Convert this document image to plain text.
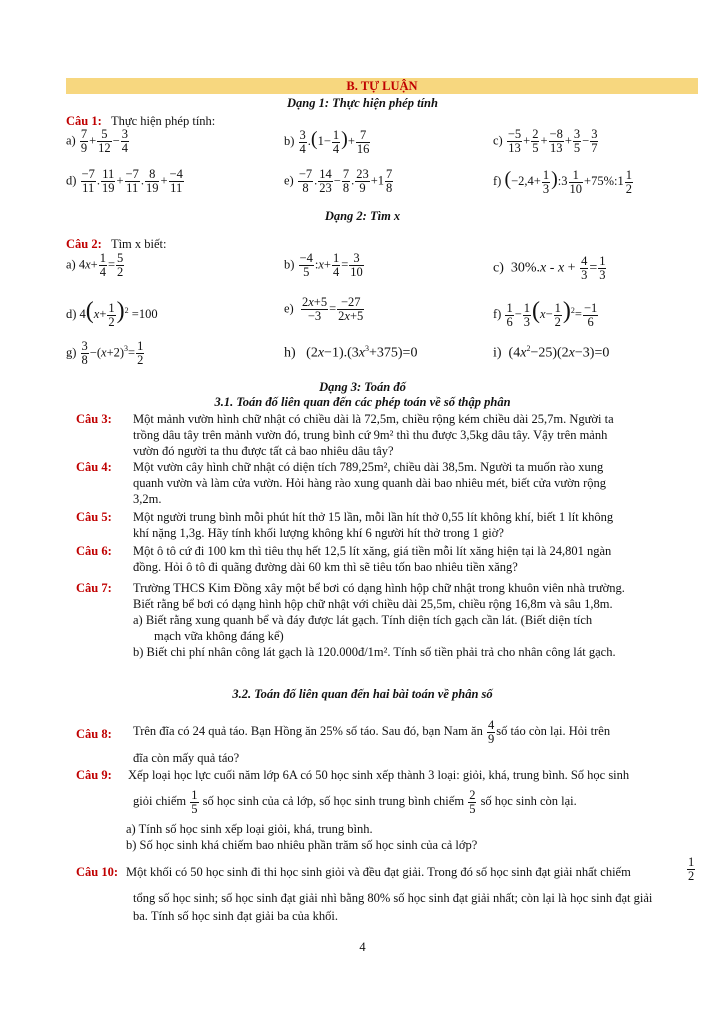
B. TỰ LUẬN
Dạng 1: Thực hiện phép tính
Câu 1: Thực hiện phép tính:
$a) \frac{7}{9} + \frac{5}{12} - \frac{3}{4}$	$b) \frac{3}{4} .(1- \frac{1}{4}$ )+ $\frac{7}{16}$	$c) \frac{-5}{13} + \frac{2}{5} + \frac{-8}{13} + \frac{3}{5} - \frac{3}{7}$
$d) \frac{-7}{11}$ . $\frac{11}{19} + \frac{-7}{11}$ . $\frac{8}{19} + \frac{-4}{11}$	$e) \frac{-7}{8}$ . $\frac{14}{23} - \frac{7}{8}$ . $\frac{23}{9} +1 \frac{7}{8}$	f) ($-2,4+ \frac{1}{3}$ ):3 $\frac{1}{10}$ +75%:1 $\frac{1}{2}$
Dạng 2: Tìm x
Câu 2: Tìm x biết:
a) $4x+ \frac{1}{4} = \frac{5}{2}$	$b) \frac{-4}{5}$ :x+ $\frac{1}{4} = \frac{3}{10}$	c)  $30\%.x - x + \frac{4}{3} = \frac{1}{3}$
d) $4(x+ \frac{1}{2} )^2 =100$	$e) \frac{2x+5}{-3} = \frac{-27}{2x+5}$	$f) \frac{1}{6} - \frac{1}{3} (x- \frac{1}{2} )^2= \frac{-1}{6}$
$g) \frac{3}{8} -(x+2)^3= \frac{1}{2}$	h)   $(2x-1).(3x^3+375)=0$	i)  $(4x^2-25)(2x-3)=0$
Dạng 3: Toán đố
3.1. Toán đố liên quan đến các phép toán về số thập phân
Câu 3: Một mảnh vườn hình chữ nhật có chiều dài là 72,5m, chiều rộng kém chiều dài 25,7m. Người ta
trồng dâu tây trên mảnh vườn đó, trung bình cứ 9m² thì thu được 3,5kg dâu tây. Vậy trên mảnh
vườn đó người ta thu được tất cả bao nhiêu dâu tây?
Câu 4: Một vườn cây hình chữ nhật có diện tích 789,25m², chiều dài 38,5m. Người ta muốn rào xung
quanh vườn và làm cửa vườn. Hỏi hàng rào xung quanh dài bao nhiêu mét, biết cửa vườn rộng
3,2m.
Câu 5: Một người trung bình mỗi phút hít thở 15 lần, mỗi lần hít thở 0,55 lít không khí, biết 1 lít không
khí nặng 1,3g. Hãy tính khối lượng không khí 6 người hít thở trong 1 giờ?
Câu 6: Một ô tô cứ đi 100 km thì tiêu thụ hết 12,5 lít xăng, giá tiền mỗi lít xăng hiện tại là 24,801 ngàn
đồng. Hỏi ô tô đi quãng đường dài 60 km thì sẽ tiêu tốn bao nhiêu tiền xăng?
Câu 7: Trường THCS Kim Đồng xây một bể bơi có dạng hình hộp chữ nhật trong khuôn viên nhà trường.
Biết rằng bể bơi có dạng hình hộp chữ nhật với chiều dài 25,5m, chiều rộng 16,8m và sâu 1,8m.
a) Biết rằng xung quanh bể và đáy được lát gạch. Tính diện tích gạch cần lát. (Biết diện tích
mạch vữa không đáng kể)
b) Biết chi phí nhân công lát gạch là 120.000đ/1m². Tính số tiền phải trả cho nhân công lát gạch.
3.2. Toán đố liên quan đến hai bài toán về phân số
Câu 8: Trên đĩa có 24 quả táo. Bạn Hồng ăn 25% số táo. Sau đó, bạn Nam ăn $\frac{4}{9}$ số táo còn lại. Hỏi trên
đĩa còn mấy quả táo?
Câu 9: Xếp loại học lực cuối năm lớp 6A có 50 học sinh xếp thành 3 loại: giỏi, khá, trung bình. Số học sinh
giỏi chiếm $\frac{1}{5}$ số học sinh của cả lớp, số học sinh trung bình chiếm $\frac{2}{5}$ số học sinh còn lại.
a) Tính số học sinh xếp loại giỏi, khá, trung bình.
b) Số học sinh khá chiếm bao nhiêu phần trăm số học sinh của cả lớp?
Câu 10: Một khối có 50 học sinh đi thi học sinh giỏi và đều đạt giải. Trong đó số học sinh đạt giải nhất chiếm	$\frac{1}{2}$
tổng số học sinh; số học sinh đạt giải nhì bằng 80% số học sinh đạt giải nhất; còn lại là học sinh đạt giải
ba. Tính số học sinh đạt giải ba của khối.
4
